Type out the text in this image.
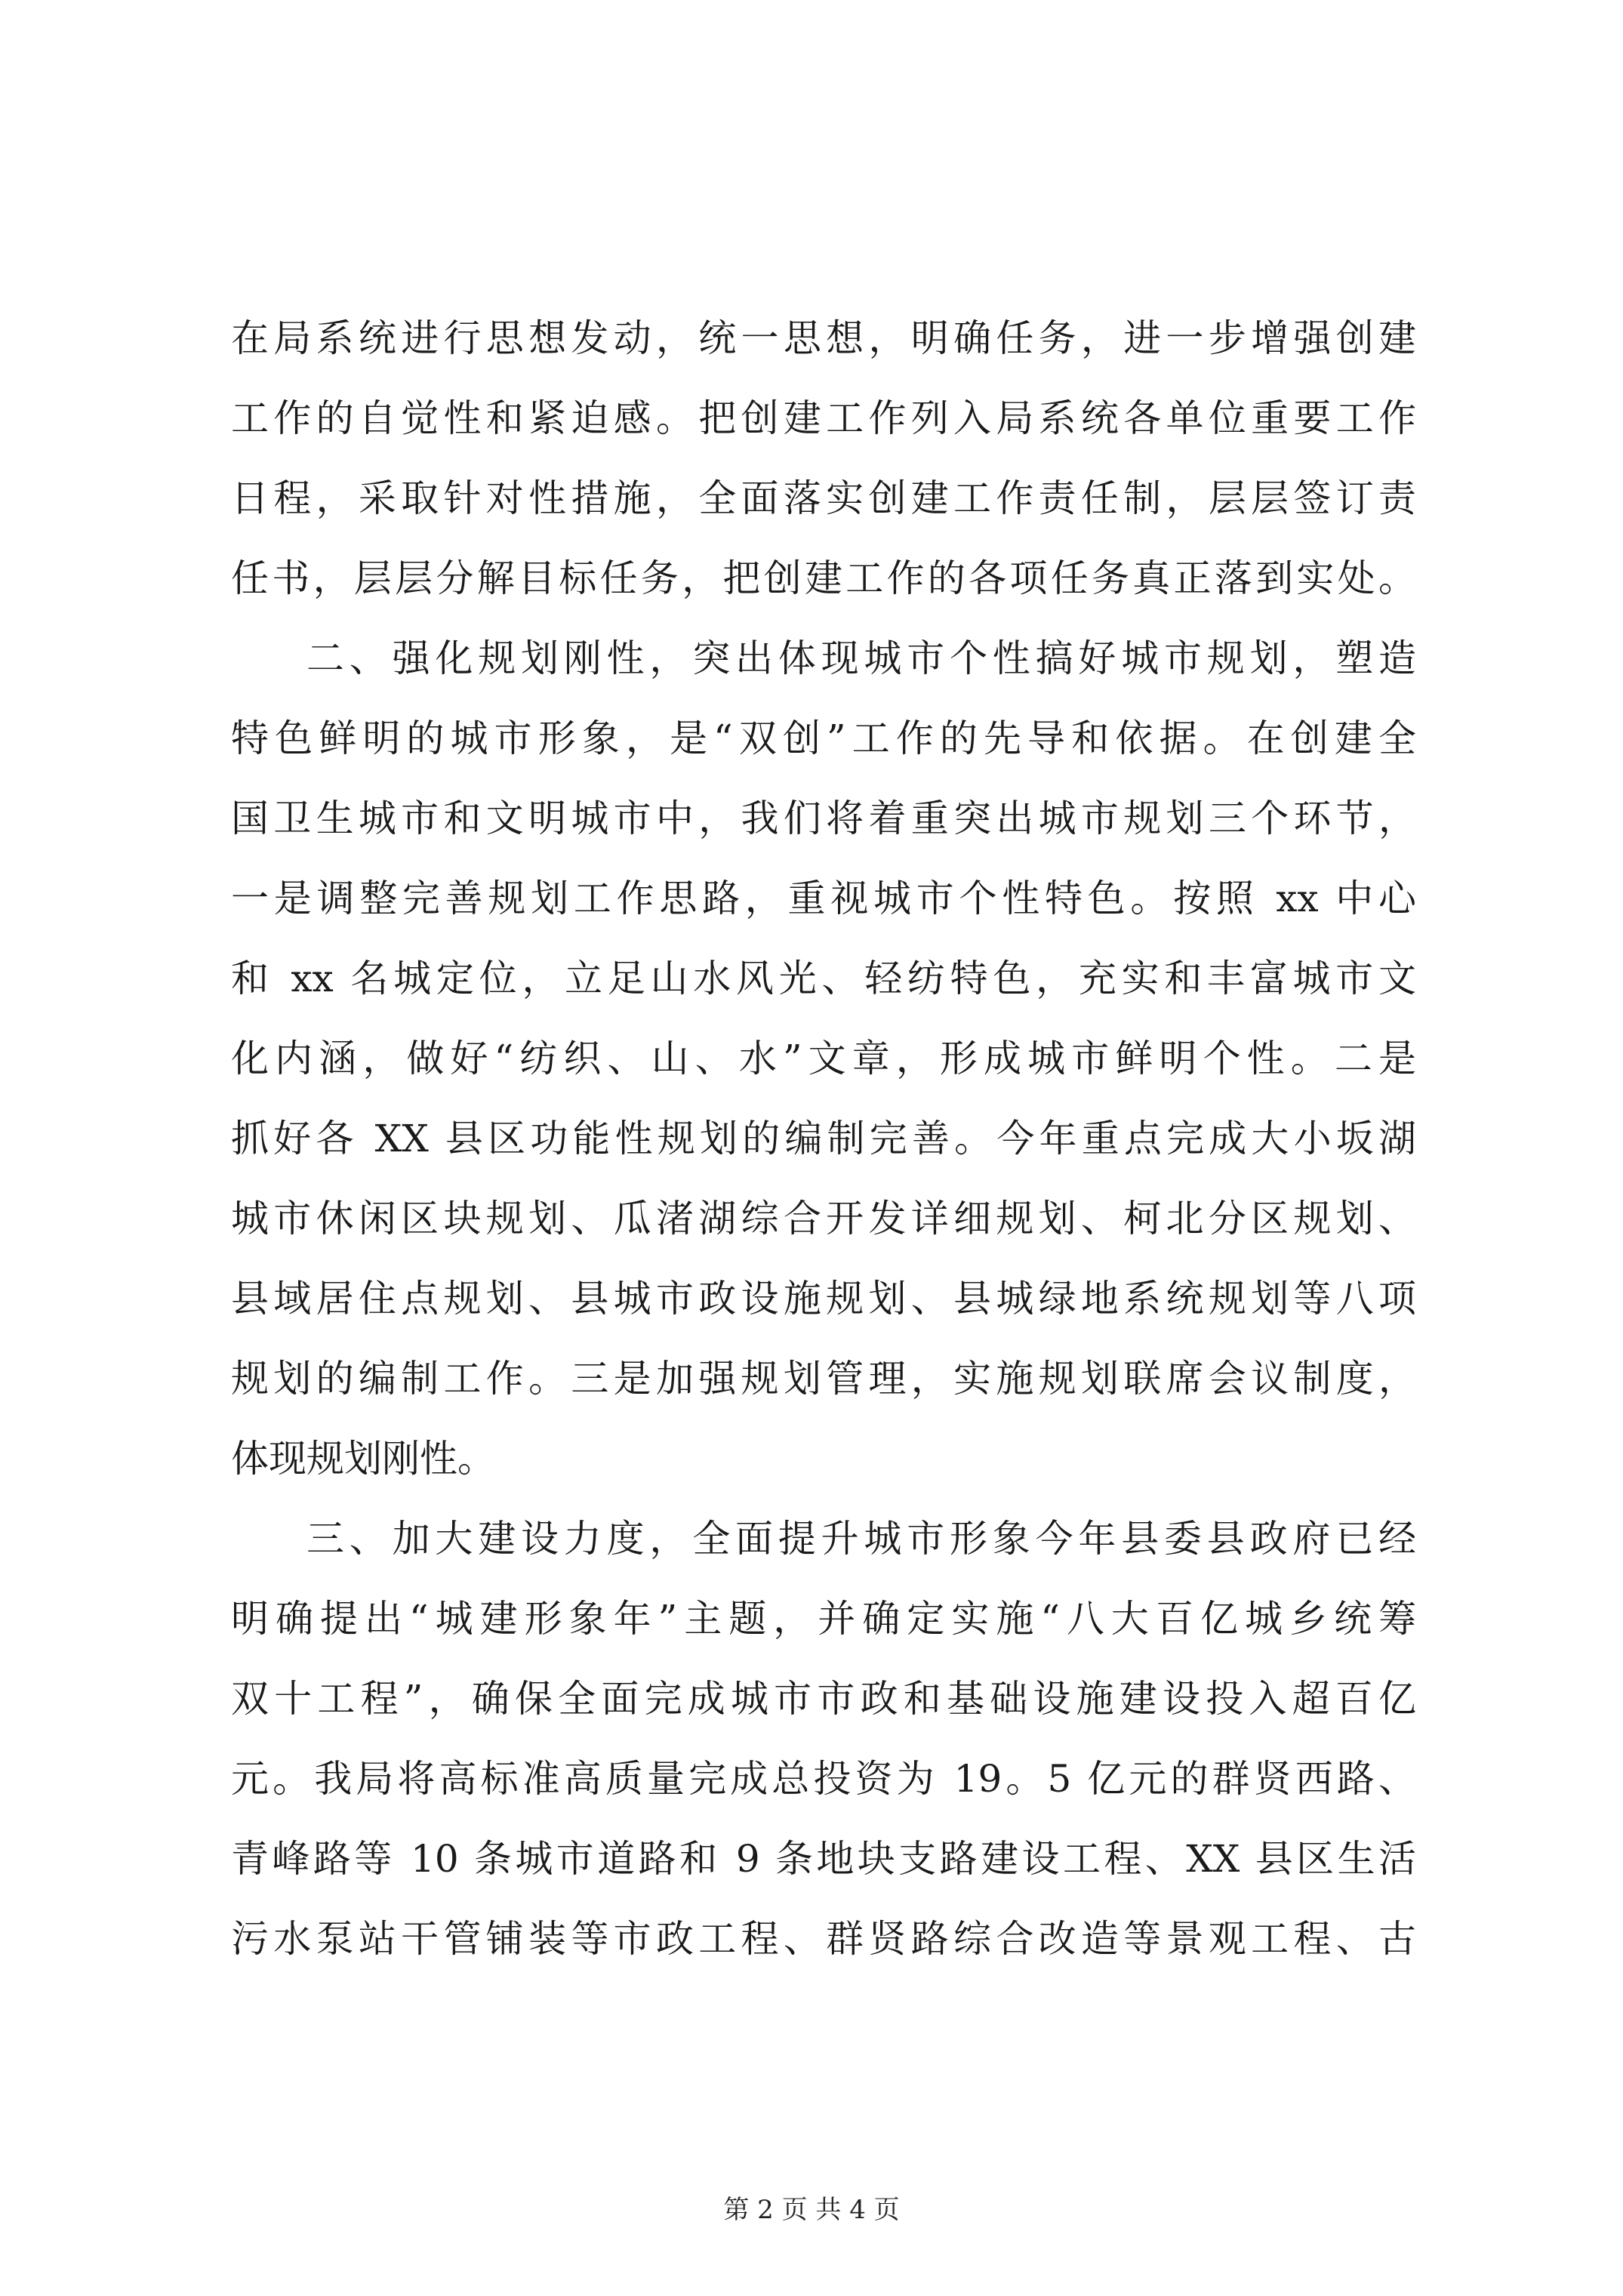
在局系统进行思想发动，统一思想，明确任务，进一步增强创建
工作的自觉性和紧迫感。把创建工作列入局系统各单位重要工作
日程，采取针对性措施，全面落实创建工作责任制，层层签订责
任书，层层分解目标任务，把创建工作的各项任务真正落到实处。
二、强化规划刚性，突出体现城市个性搞好城市规划，塑造
特色鲜明的城市形象，是“双创”工作的先导和依据。在创建全
国卫生城市和文明城市中，我们将着重突出城市规划三个环节，
一是调整完善规划工作思路，重视城市个性特色。按照 xx 中心
和 xx 名城定位，立足山水风光、轻纺特色，充实和丰富城市文
化内涵，做好“纺织、山、水”文章，形成城市鲜明个性。二是
抓好各 XX 县区功能性规划的编制完善。今年重点完成大小坂湖
城市休闲区块规划、瓜渚湖综合开发详细规划、柯北分区规划、
县域居住点规划、县城市政设施规划、县城绿地系统规划等八项
规划的编制工作。三是加强规划管理，实施规划联席会议制度，
体现规划刚性。
三、加大建设力度，全面提升城市形象今年县委县政府已经
明确提出“城建形象年”主题，并确定实施“八大百亿城乡统筹
双十工程”，确保全面完成城市市政和基础设施建设投入超百亿
元。我局将高标准高质量完成总投资为 19。5 亿元的群贤西路、
青峰路等 10 条城市道路和 9 条地块支路建设工程、XX 县区生活
污水泵站干管铺装等市政工程、群贤路综合改造等景观工程、古
第 2 页 共 4 页
